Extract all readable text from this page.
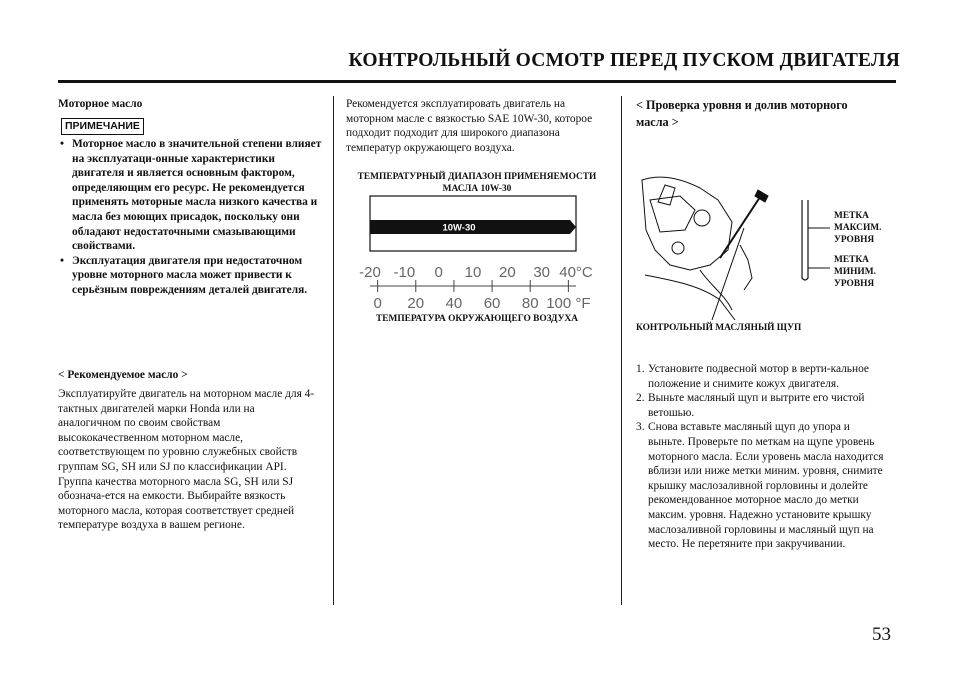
КОНТРОЛЬНЫЙ ОСМОТР ПЕРЕД ПУСКОМ ДВИГАТЕЛЯ
Моторное масло
ПРИМЕЧАНИЕ
• Моторное масло в значительной степени влияет на эксплуатаци-онные характеристики двигателя и является основным фактором, определяющим его ресурс. Не рекомендуется применять моторные масла низкого качества и масла без моющих присадок, поскольку они обладают недостаточными смазывающими свойствами.
• Эксплуатация двигателя при недостаточном уровне моторного масла может привести к серьёзным повреждениям деталей двигателя.
< Рекомендуемое масло >
Эксплуатируйте двигатель на моторном масле для 4-тактных двигателей марки Honda или на аналогичном по своим свойствам высококачественном моторном масле, соответствующем по уровню служебных свойств группам SG, SH или SJ по классификации API. Группа качества моторного масла SG, SH или SJ обознача-ется на емкости. Выбирайте вязкость моторного масла, которая соответствует средней температуре воздуха в вашем регионе.
Рекомендуется эксплуатировать двигатель на моторном масле с вязкостью SAE 10W-30, которое подходит подходит для широкого диапазона температур окружающего воздуха.
ТЕМПЕРАТУРНЫЙ ДИАПАЗОН ПРИМЕНЯЕМОСТИ МАСЛА 10W-30
10W-30
-20 -10 0 10 20 30 40°C
0 20 40 60 80 100 °F
ТЕМПЕРАТУРА ОКРУЖАЮЩЕГО ВОЗДУХА
< Проверка уровня и долив моторного масла >
МЕТКА МАКСИМ. УРОВНЯ
МЕТКА МИНИМ. УРОВНЯ
КОНТРОЛЬНЫЙ МАСЛЯНЫЙ ЩУП
1. Установите подвесной мотор в верти-кальное положение и снимите кожух двигателя.
2. Выньте масляный щуп и вытрите его чистой ветошью.
3. Снова вставьте масляный щуп до упора и выньте. Проверьте по меткам на щупе уровень моторного масла. Если уровень масла находится вблизи или ниже метки миним. уровня, снимите крышку маслозаливной горловины и долейте рекомендованное моторное масло до метки максим. уровня. Надежно установите крышку маслозаливной горловины и масляный щуп на место. Не перетяните при закручивании.
53
